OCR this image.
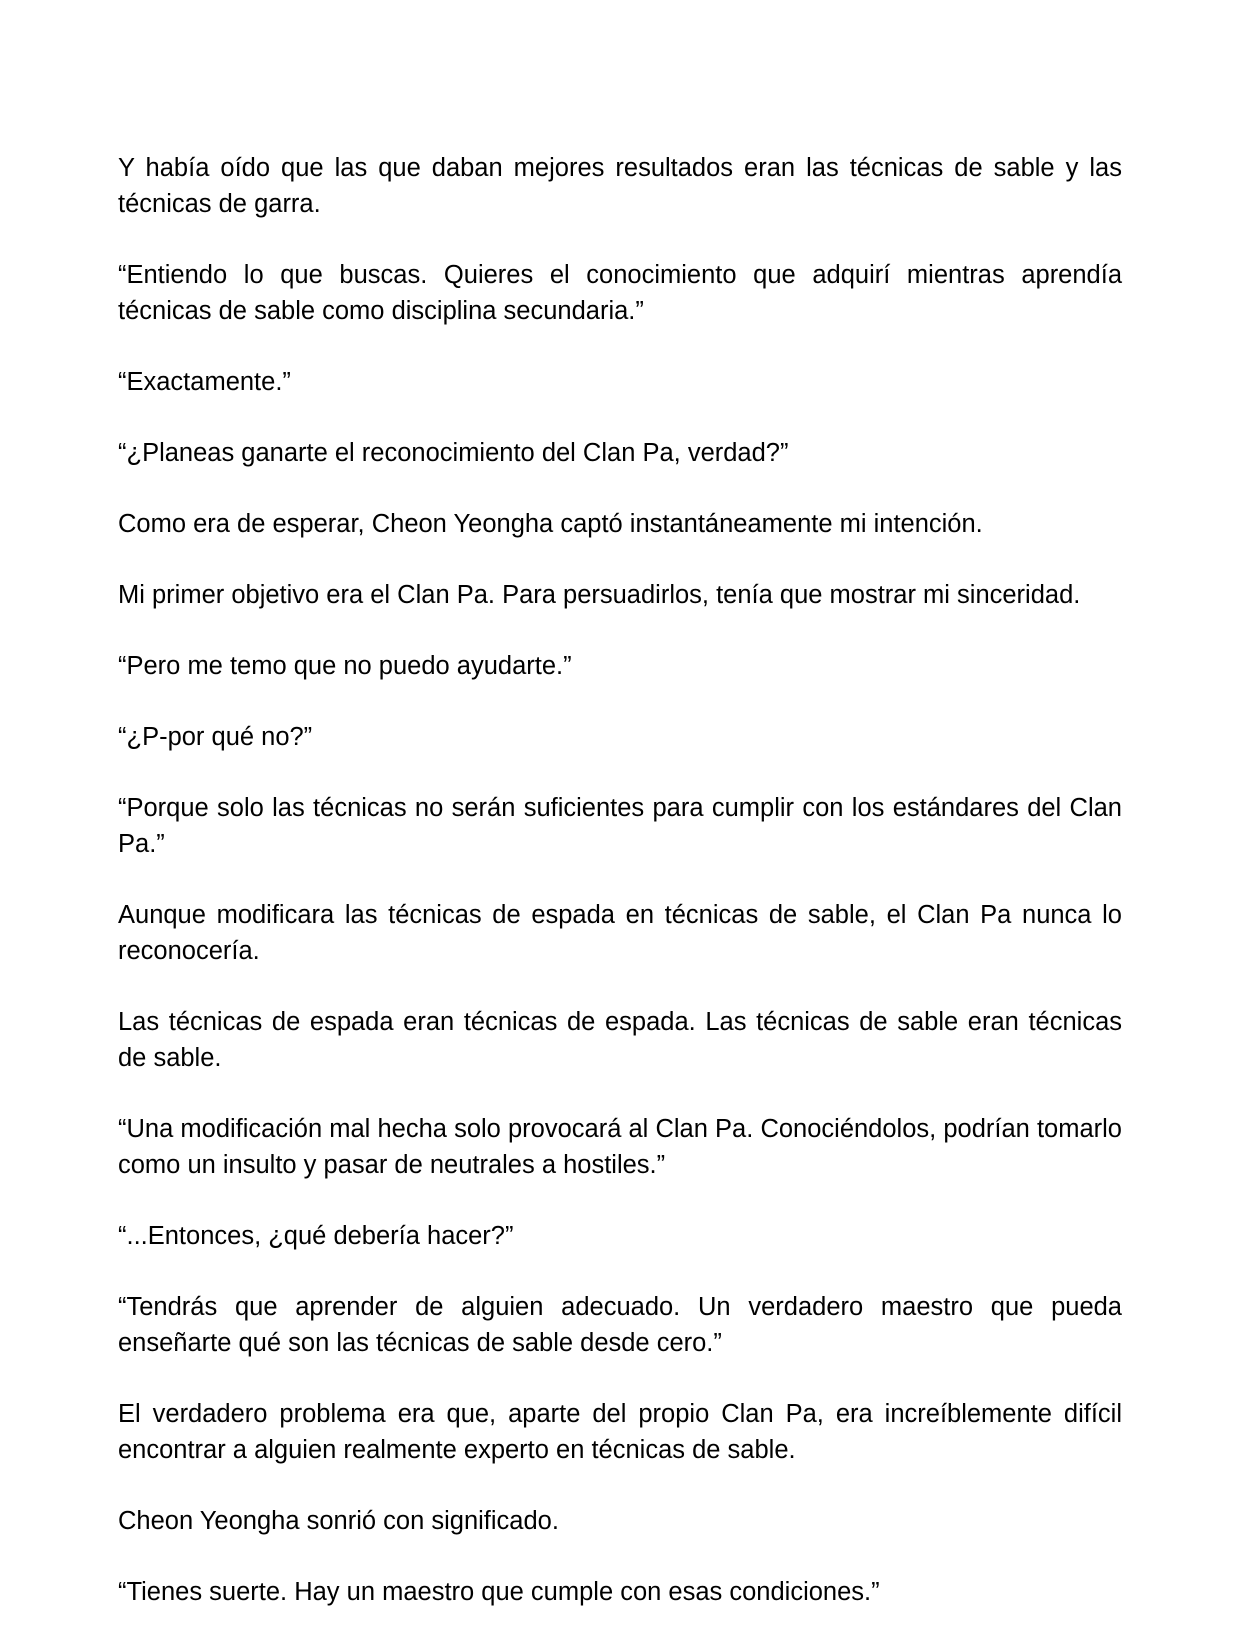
Y había oído que las que daban mejores resultados eran las técnicas de sable y las técnicas de garra.

“Entiendo lo que buscas. Quieres el conocimiento que adquirí mientras aprendía técnicas de sable como disciplina secundaria.”

“Exactamente.”

“¿Planeas ganarte el reconocimiento del Clan Pa, verdad?”

Como era de esperar, Cheon Yeongha captó instantáneamente mi intención.

Mi primer objetivo era el Clan Pa. Para persuadirlos, tenía que mostrar mi sinceridad.

“Pero me temo que no puedo ayudarte.”

“¿P-por qué no?”

“Porque solo las técnicas no serán suficientes para cumplir con los estándares del Clan Pa.”

Aunque modificara las técnicas de espada en técnicas de sable, el Clan Pa nunca lo reconocería.

Las técnicas de espada eran técnicas de espada. Las técnicas de sable eran técnicas de sable.

“Una modificación mal hecha solo provocará al Clan Pa. Conociéndolos, podrían tomarlo como un insulto y pasar de neutrales a hostiles.”

“...Entonces, ¿qué debería hacer?”

“Tendrás que aprender de alguien adecuado. Un verdadero maestro que pueda enseñarte qué son las técnicas de sable desde cero.”

El verdadero problema era que, aparte del propio Clan Pa, era increíblemente difícil encontrar a alguien realmente experto en técnicas de sable.

Cheon Yeongha sonrió con significado.

“Tienes suerte. Hay un maestro que cumple con esas condiciones.”
